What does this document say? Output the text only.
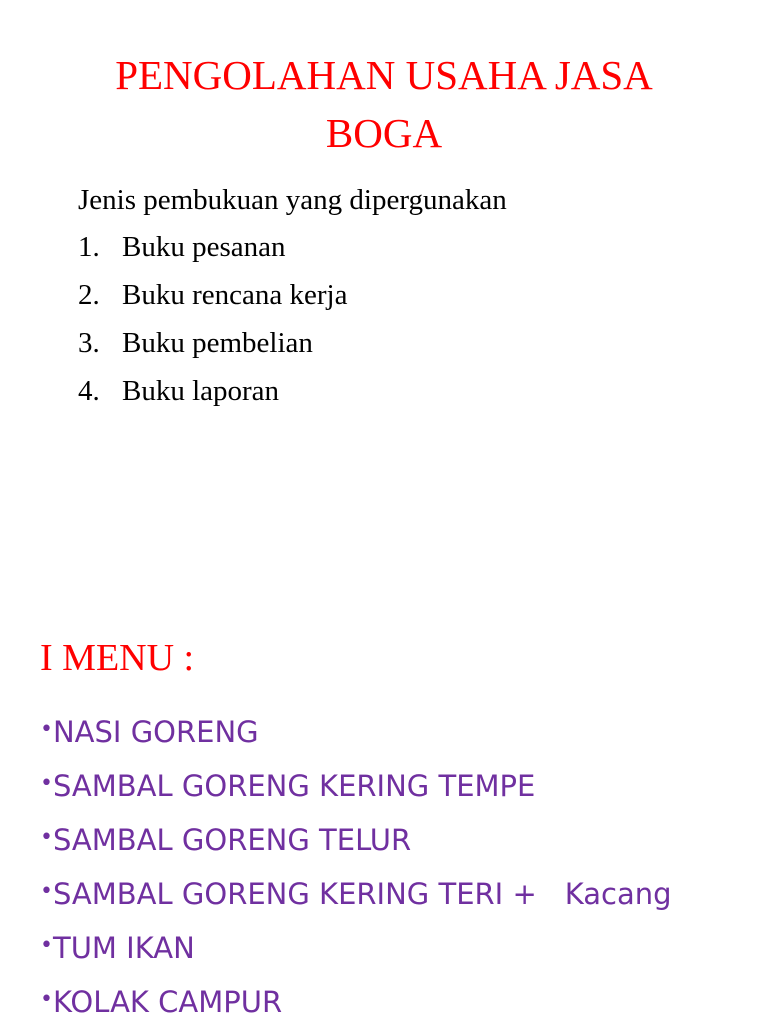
PENGOLAHAN USAHA JASA
BOGA

Jenis pembukuan yang dipergunakan

1. Buku pesanan
2. Buku rencana kerja
3. Buku pembelian
4. Buku laporan
I MENU :
•NASI GORENG
•SAMBAL GORENG KERING TEMPE
•SAMBAL GORENG TELUR
•SAMBAL GORENG KERING TERI + Kacang
•TUM IKAN
•KOLAK CAMPUR
